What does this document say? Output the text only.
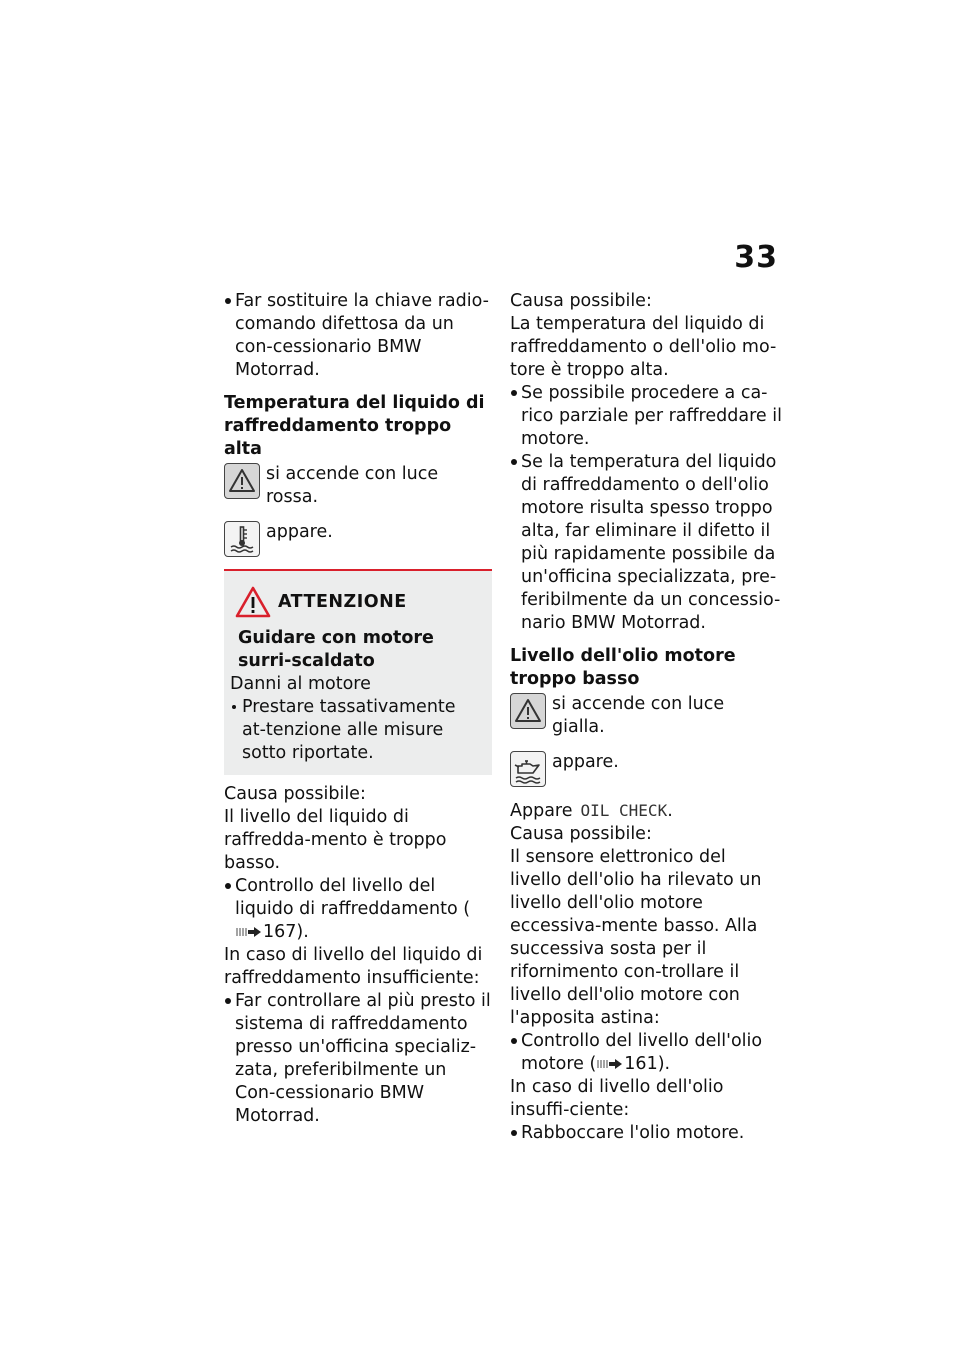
33

Far sostituire la chiave radio-comando difettosa da un con-cessionario BMW Motorrad.

Temperatura del liquido di raffreddamento troppo alta

si accende con luce rossa.
appare.
ATTENZIONE

Guidare con motore surri-scaldato

Danni al motore

Prestare tassativamente at-tenzione alle misure sotto riportate.

Causa possibile:

Il livello del liquido di raffredda-mento è troppo basso.

Controllo del livello del liquido di raffreddamento (167).

In caso di livello del liquido di raffreddamento insufficiente:

Far controllare al più presto il sistema di raffreddamento presso un'officina specializ-zata, preferibilmente un Con-cessionario BMW Motorrad.

Causa possibile:

La temperatura del liquido di raffreddamento o dell'olio mo-tore è troppo alta.

Se possibile procedere a ca-rico parziale per raffreddare il motore.

Se la temperatura del liquido di raffreddamento o dell'olio motore risulta spesso troppo alta, far eliminare il difetto il più rapidamente possibile da un'officina specializzata, pre-feribilmente da un concessio-nario BMW Motorrad.

Livello dell'olio motore troppo basso

si accende con luce gialla.
appare.

Appare OIL CHECK.

Causa possibile:

Il sensore elettronico del livello dell'olio ha rilevato un livello dell'olio motore eccessiva-mente basso. Alla successiva sosta per il rifornimento con-trollare il livello dell'olio motore con l'apposita astina:

Controllo del livello dell'olio motore ( 161).

In caso di livello dell'olio insuffi-ciente:

Rabboccare l'olio motore.
